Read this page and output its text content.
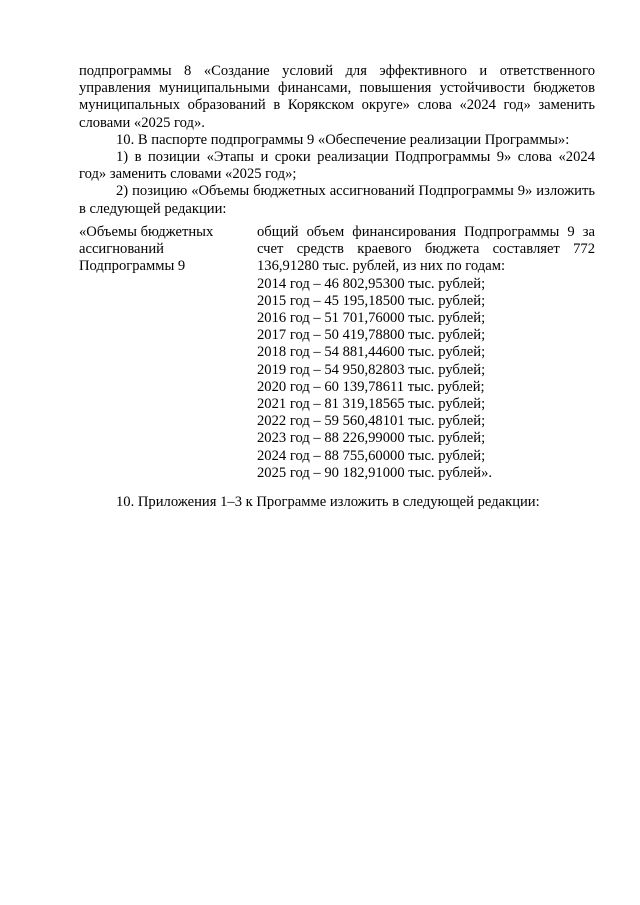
подпрограммы 8 «Создание условий для эффективного и ответственного управления муниципальными финансами, повышения устойчивости бюджетов муниципальных образований в Корякском округе» слова «2024 год» заменить словами «2025 год».

10. В паспорте подпрограммы 9 «Обеспечение реализации Программы»:

1) в позиции «Этапы и сроки реализации Подпрограммы 9» слова «2024 год» заменить словами «2025 год»;

2) позицию «Объемы бюджетных ассигнований Подпрограммы 9» изложить в следующей редакции:

«Объемы бюджетных ассигнований Подпрограммы 9

общий объем финансирования Подпрограммы 9 за счет средств краевого бюджета составляет 772 136,91280 тыс. рублей, из них по годам:

2014 год – 46 802,95300 тыс. рублей;

2015 год – 45 195,18500 тыс. рублей;

2016 год – 51 701,76000 тыс. рублей;

2017 год – 50 419,78800 тыс. рублей;

2018 год – 54 881,44600 тыс. рублей;

2019 год – 54 950,82803 тыс. рублей;

2020 год – 60 139,78611 тыс. рублей;

2021 год – 81 319,18565 тыс. рублей;

2022 год – 59 560,48101 тыс. рублей;

2023 год – 88 226,99000 тыс. рублей;

2024 год – 88 755,60000 тыс. рублей;

2025 год – 90 182,91000 тыс. рублей».

10. Приложения 1–3 к Программе изложить в следующей редакции:
